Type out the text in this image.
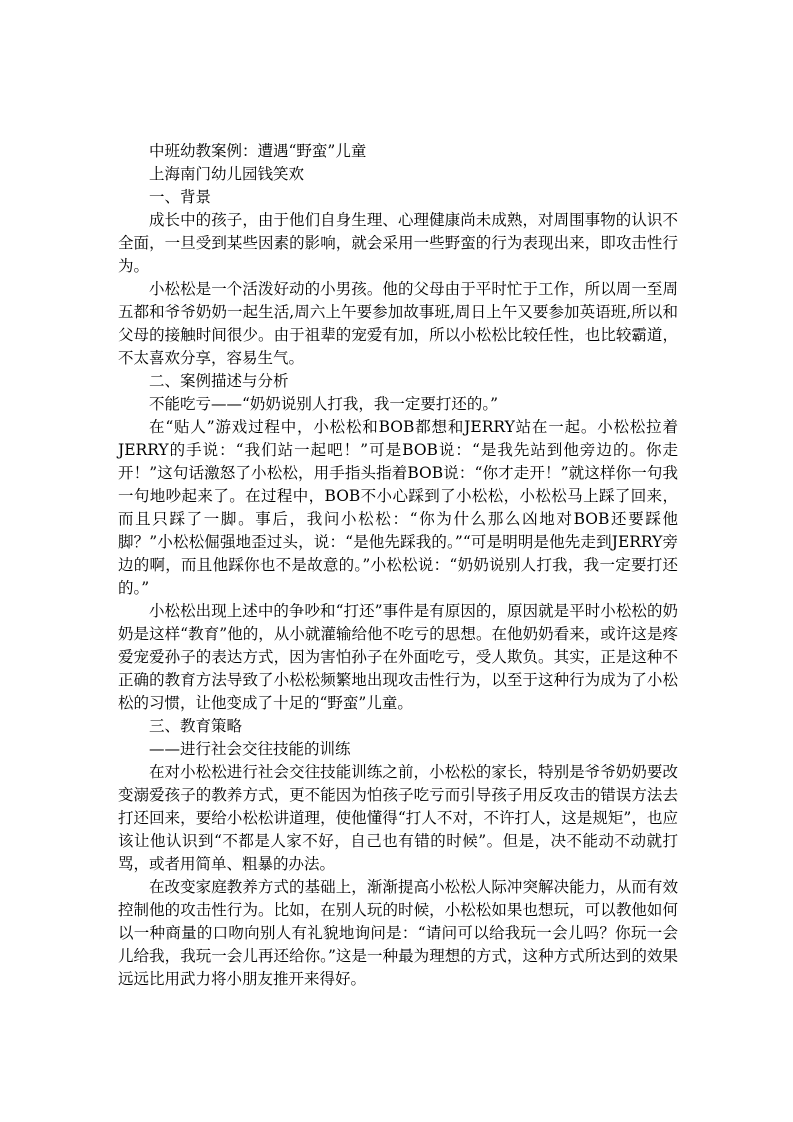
中班幼教案例：遭遇“野蛮”儿童

上海南门幼儿园钱笑欢

一、背景

成长中的孩子，由于他们自身生理、心理健康尚未成熟，对周围事物的认识不全面，一旦受到某些因素的影响，就会采用一些野蛮的行为表现出来，即攻击性行为。

小松松是一个活泼好动的小男孩。他的父母由于平时忙于工作，所以周一至周五都和爷爷奶奶一起生活,周六上午要参加故事班,周日上午又要参加英语班,所以和父母的接触时间很少。由于祖辈的宠爱有加，所以小松松比较任性，也比较霸道，不太喜欢分享，容易生气。

二、案例描述与分析

不能吃亏——“奶奶说别人打我，我一定要打还的。”

在“贴人”游戏过程中，小松松和BOB都想和JERRY站在一起。小松松拉着JERRY的手说：“我们站一起吧！”可是BOB说：“是我先站到他旁边的。你走开！”这句话激怒了小松松，用手指头指着BOB说：“你才走开！”就这样你一句我一句地吵起来了。在过程中，BOB不小心踩到了小松松，小松松马上踩了回来，而且只踩了一脚。事后，我问小松松：“你为什么那么凶地对BOB还要踩他脚？”小松松倔强地歪过头，说：“是他先踩我的。”“可是明明是他先走到JERRY旁边的啊，而且他踩你也不是故意的。”小松松说：“奶奶说别人打我，我一定要打还的。”

小松松出现上述中的争吵和“打还”事件是有原因的，原因就是平时小松松的奶奶是这样“教育”他的，从小就灌输给他不吃亏的思想。在他奶奶看来，或许这是疼爱宠爱孙子的表达方式，因为害怕孙子在外面吃亏，受人欺负。其实，正是这种不正确的教育方法导致了小松松频繁地出现攻击性行为，以至于这种行为成为了小松松的习惯，让他变成了十足的“野蛮”儿童。

三、教育策略

——进行社会交往技能的训练

在对小松松进行社会交往技能训练之前，小松松的家长，特别是爷爷奶奶要改变溺爱孩子的教养方式，更不能因为怕孩子吃亏而引导孩子用反攻击的错误方法去打还回来，要给小松松讲道理，使他懂得“打人不对，不许打人，这是规矩”，也应该让他认识到“不都是人家不好，自己也有错的时候”。但是，决不能动不动就打骂，或者用简单、粗暴的办法。

在改变家庭教养方式的基础上，渐渐提高小松松人际冲突解决能力，从而有效控制他的攻击性行为。比如，在别人玩的时候，小松松如果也想玩，可以教他如何以一种商量的口吻向别人有礼貌地询问是：“请问可以给我玩一会儿吗？你玩一会儿给我，我玩一会儿再还给你。”这是一种最为理想的方式，这种方式所达到的效果远远比用武力将小朋友推开来得好。
